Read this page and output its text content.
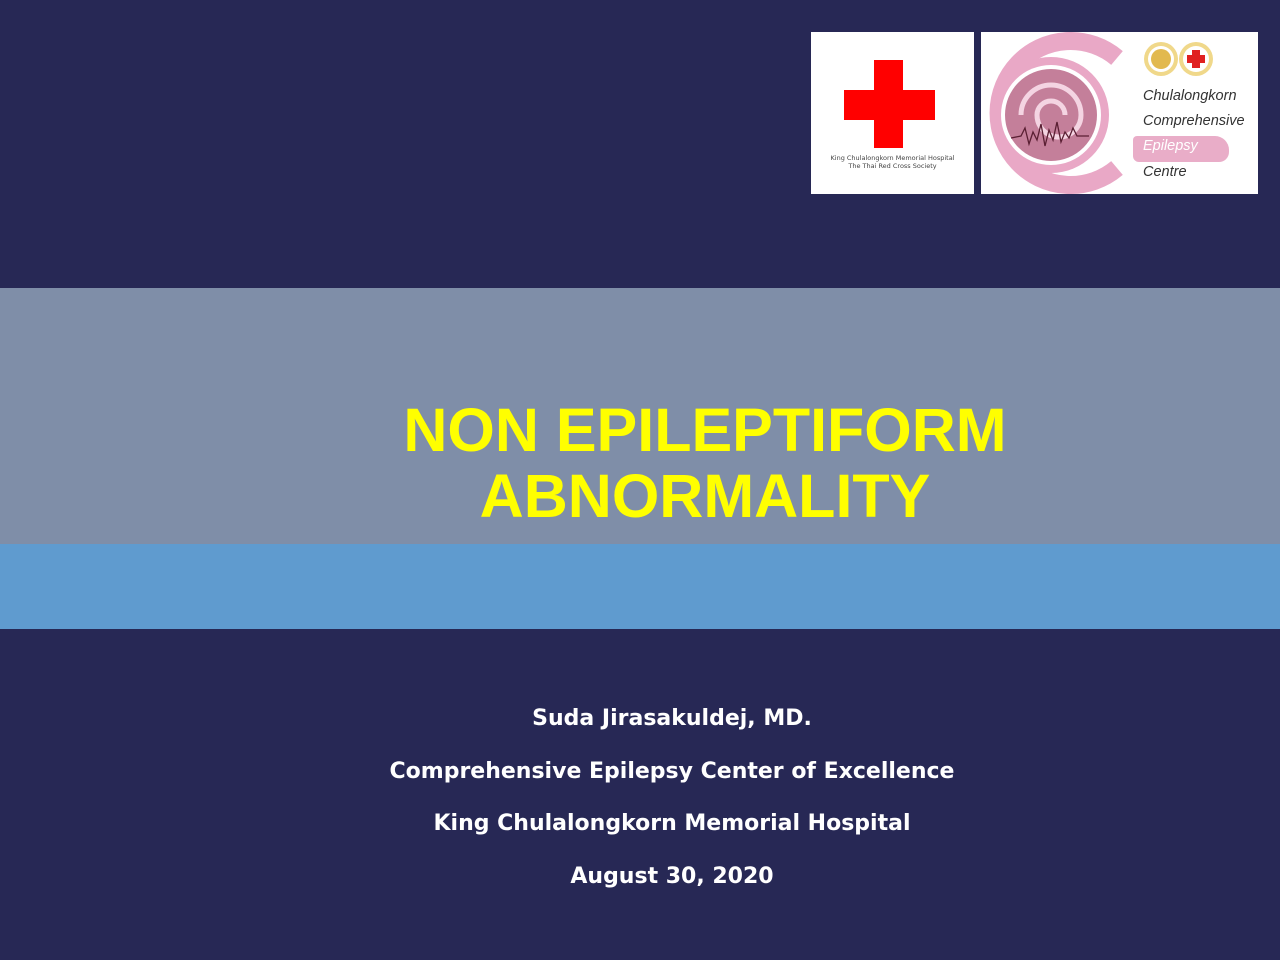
King Chulalongkorn Memorial Hospital
The Thai Red Cross Society
Chulalongkorn
Comprehensive
Epilepsy
Centre
NON EPILEPTIFORM
ABNORMALITY
Suda Jirasakuldej, MD.
Comprehensive Epilepsy Center of Excellence
King Chulalongkorn Memorial Hospital
August 30, 2020
